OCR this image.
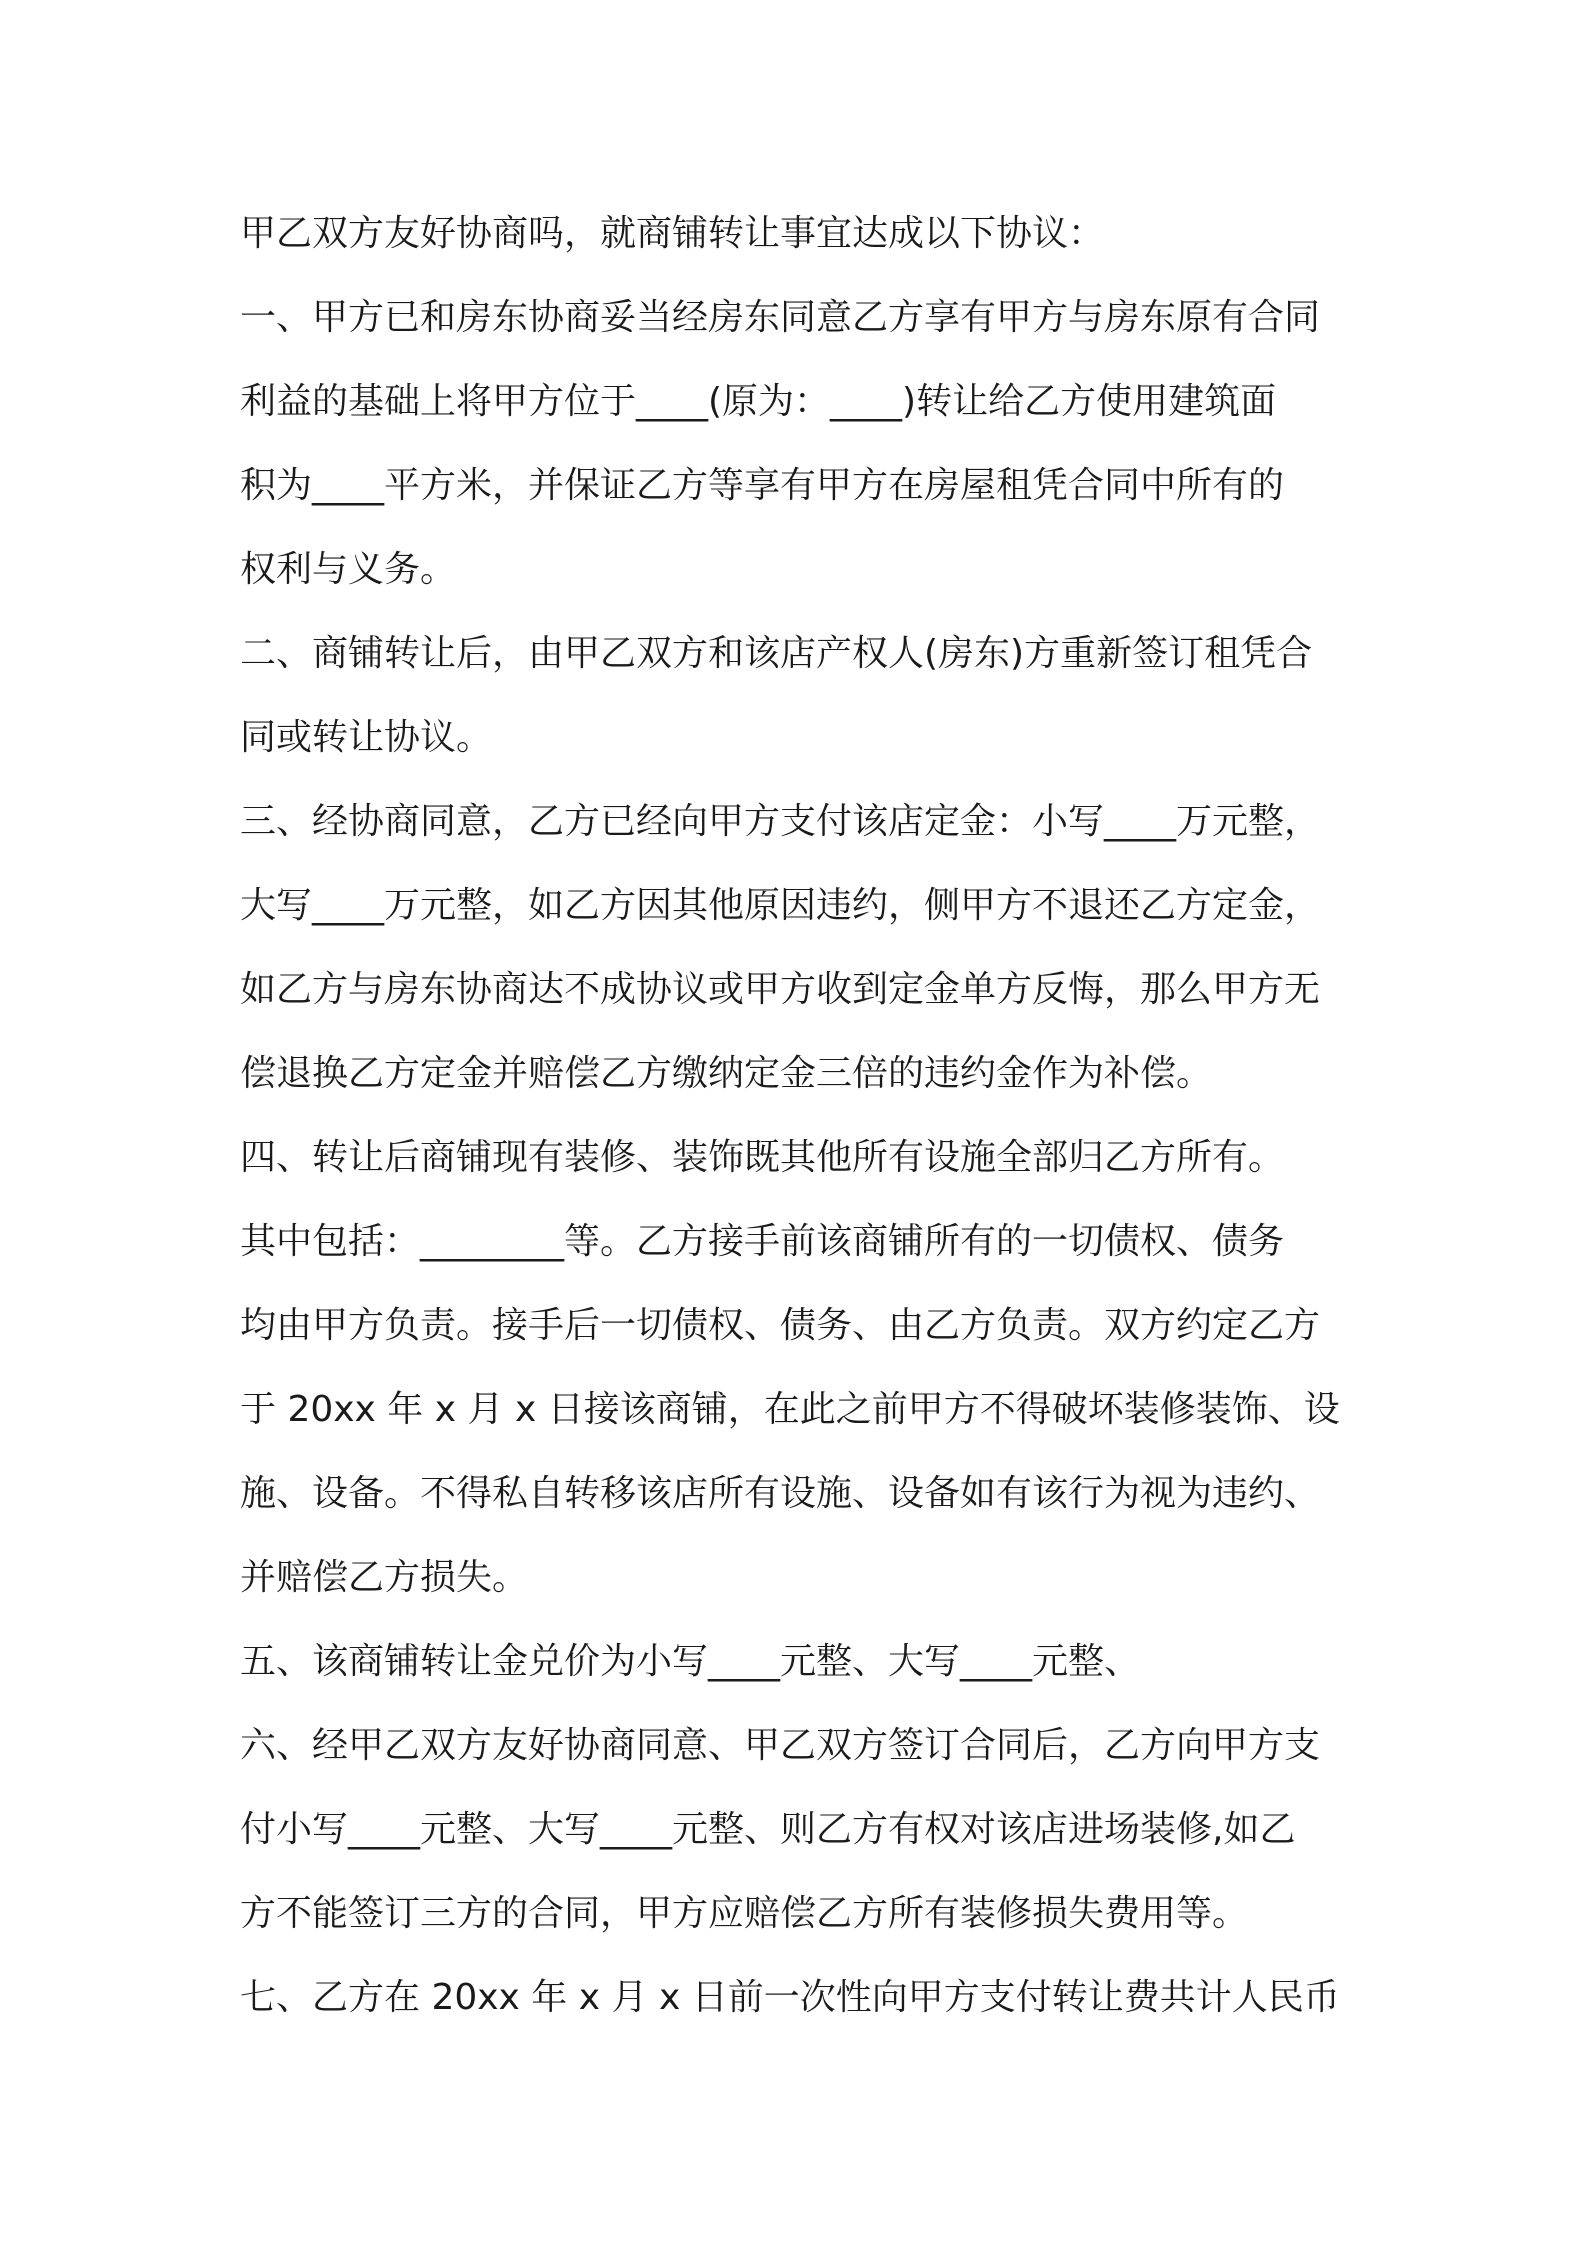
甲乙双方友好协商吗，就商铺转让事宜达成以下协议：
一、甲方已和房东协商妥当经房东同意乙方享有甲方与房东原有合同
利益的基础上将甲方位于____(原为：____)转让给乙方使用建筑面
积为____平方米，并保证乙方等享有甲方在房屋租凭合同中所有的
权利与义务。
二、商铺转让后，由甲乙双方和该店产权人(房东)方重新签订租凭合
同或转让协议。
三、经协商同意，乙方已经向甲方支付该店定金：小写____万元整，
大写____万元整，如乙方因其他原因违约，侧甲方不退还乙方定金，
如乙方与房东协商达不成协议或甲方收到定金单方反悔，那么甲方无
偿退换乙方定金并赔偿乙方缴纳定金三倍的违约金作为补偿。
四、转让后商铺现有装修、装饰既其他所有设施全部归乙方所有。
其中包括：________等。乙方接手前该商铺所有的一切债权、债务
均由甲方负责。接手后一切债权、债务、由乙方负责。双方约定乙方
于 20xx 年 x 月 x 日接该商铺，在此之前甲方不得破坏装修装饰、设
施、设备。不得私自转移该店所有设施、设备如有该行为视为违约、
并赔偿乙方损失。
五、该商铺转让金兑价为小写____元整、大写____元整、
六、经甲乙双方友好协商同意、甲乙双方签订合同后，乙方向甲方支
付小写____元整、大写____元整、则乙方有权对该店进场装修,如乙
方不能签订三方的合同，甲方应赔偿乙方所有装修损失费用等。
七、乙方在 20xx 年 x 月 x 日前一次性向甲方支付转让费共计人民币
